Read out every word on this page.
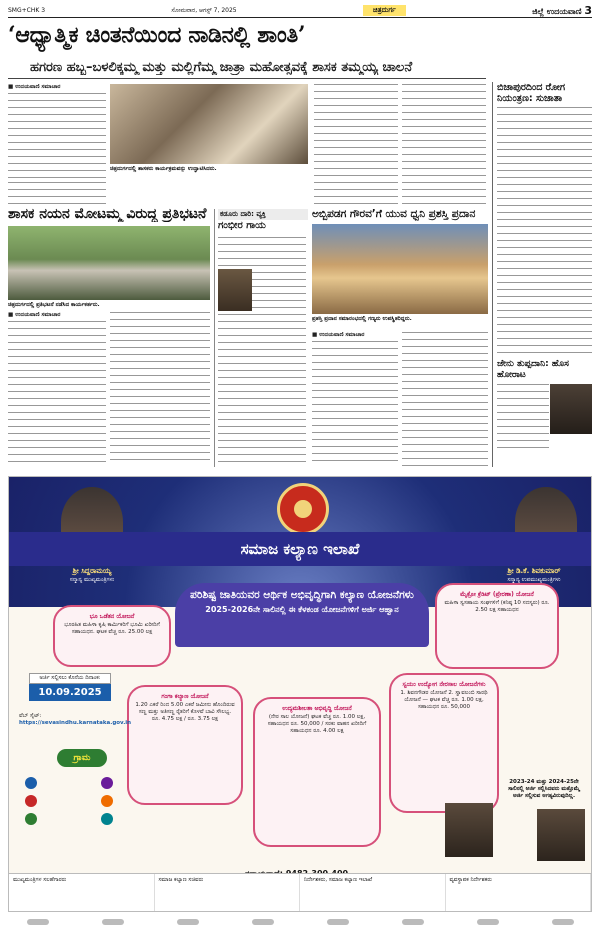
SMG+CHK 3	ಸೋಮವಾರ, ಆಗಸ್ಟ್ 7, 2025	ಚಿತ್ರದುರ್ಗ	ಜಿಲ್ಲೆ ಉದಯವಾಣಿ 3
‘ಆಧ್ಯಾತ್ಮಿಕ ಚಿಂತನೆಯಿಂದ ನಾಡಿನಲ್ಲಿ ಶಾಂತಿ’
ಹಗರಣ ಹಬ್ಬ–ಬಳಲಿಕ್ಕಮ್ಮ ಮತ್ತು ಮಲ್ಲಿಗೆಮ್ಮ ಜಾತ್ರಾ ಮಹೋತ್ಸವಕ್ಕೆ ಶಾಸಕ ತಮ್ಮಯ್ಯ ಚಾಲನೆ
■ ಉದಯವಾಣಿ ಸಮಾಚಾರ
ಚಿತ್ರದುರ್ಗದಲ್ಲಿ ಶಾಸಕರು ಕಾರ್ಯಕ್ರಮವನ್ನು ಉದ್ಘಾಟಿಸಿದರು.
ಬಿಜಾಪುರದಿಂದ ರೋಗ ನಿಯಂತ್ರಣ: ಸುಜಾತಾ
ಜೇನು ತುಪ್ಪದಾನಿ: ಹೊಸ ಹೋರಾಟ
ಶಾಸಕ ನಯನ ಮೋಟಮ್ಮ ವಿರುದ್ಧ ಪ್ರತಿಭಟನೆ
ಚಿತ್ರದುರ್ಗದಲ್ಲಿ ಪ್ರತಿಭಟನೆ ನಡೆಸಿದ ಕಾರ್ಯಕರ್ತರು.
■ ಉದಯವಾಣಿ ಸಮಾಚಾರ
ಕಡೂರು ದಾರಿ: ವ್ಯಕ್ತಿ
ಗಂಭೀರ ಗಾಯ
ಅಬ್ಬಿಪಡಗ ಗೌರವ’ಗೆ ಯುವ ಧ್ವನಿ ಪ್ರಶಸ್ತಿ ಪ್ರದಾನ
ಪ್ರಶಸ್ತಿ ಪ್ರದಾನ ಸಮಾರಂಭದಲ್ಲಿ ಗಣ್ಯರು ಉಪಸ್ಥಿತರಿದ್ದರು.
■ ಉದಯವಾಣಿ ಸಮಾಚಾರ
ಸಮಾಜ ಕಲ್ಯಾಣ ಇಲಾಖೆ
ಶ್ರೀ ಸಿದ್ದರಾಮಯ್ಯ
ಸನ್ಮಾನ್ಯ ಮುಖ್ಯಮಂತ್ರಿಗಳು
ಶ್ರೀ ಡಿ.ಕೆ. ಶಿವಕುಮಾರ್
ಸನ್ಮಾನ್ಯ ಉಪಮುಖ್ಯಮಂತ್ರಿಗಳು
ಪರಿಶಿಷ್ಟ ಜಾತಿಯವರ ಆರ್ಥಿಕ ಅಭಿವೃದ್ಧಿಗಾಗಿ ಕಲ್ಯಾಣ ಯೋಜನೆಗಳು
2025-2026ನೇ ಸಾಲಿನಲ್ಲಿ ಈ ಕೆಳಕಂಡ ಯೋಜನೆಗಳಿಗೆ ಅರ್ಜಿ ಆಹ್ವಾನ
ಭೂ ಒಡೆತನ ಯೋಜನೆ
ಭೂರಹಿತ ಮಹಿಳಾ ಕೃಷಿ ಕಾರ್ಮಿಕರಿಗೆ ಭೂಮಿ ಖರೀದಿಗೆ ಸಹಾಯಧನ. ಘಟಕ ವೆಚ್ಚ ರೂ. 25.00 ಲಕ್ಷ
ಗಂಗಾ ಕಲ್ಯಾಣ ಯೋಜನೆ
1.20 ಎಕರೆ ರಿಂದ 5.00 ಎಕರೆ ಜಮೀನು ಹೊಂದಿರುವ ಸಣ್ಣ ಮತ್ತು ಅತಿಸಣ್ಣ ರೈತರಿಗೆ ಕೊಳವೆ ಬಾವಿ ಸೌಲಭ್ಯ. ರೂ. 4.75 ಲಕ್ಷ / ರೂ. 3.75 ಲಕ್ಷ
ಉದ್ಯಮಶೀಲತಾ ಅಭಿವೃದ್ಧಿ ಯೋಜನೆ
(ನೇರ ಸಾಲ ಯೋಜನೆ) ಘಟಕ ವೆಚ್ಚ ರೂ. 1.00 ಲಕ್ಷ, ಸಹಾಯಧನ ರೂ. 50,000 / ಸರಕು ವಾಹನ ಖರೀದಿಗೆ ಸಹಾಯಧನ ರೂ. 4.00 ಲಕ್ಷ
ಸ್ವಯಂ ಉದ್ಯೋಗ ನೇರಸಾಲ ಯೋಜನೆಗಳು
1. ಶಿವನಗೌಡರ ಯೋಜನೆ 2. ಸ್ವಾವಲಂಬಿ ಸಾರಥಿ ಯೋಜನೆ — ಘಟಕ ವೆಚ್ಚ ರೂ. 1.00 ಲಕ್ಷ, ಸಹಾಯಧನ ರೂ. 50,000
ಮೈಕ್ರೋ ಕ್ರೆಡಿಟ್ (ಪ್ರೇರಣಾ) ಯೋಜನೆ
ಮಹಿಳಾ ಸ್ವಸಹಾಯ ಸಂಘಗಳಿಗೆ (ಕನಿಷ್ಠ 10 ಸದಸ್ಯರು) ರೂ. 2.50 ಲಕ್ಷ ಸಹಾಯಧನ
ಅರ್ಜಿ ಸಲ್ಲಿಸಲು ಕೊನೆಯ ದಿನಾಂಕ:
10.09.2025
ವೆಬ್ ಸೈಟ್: https://sevasindhu.karnataka.gov.in
ಗ್ರಾಮ
2023-24 ಮತ್ತು 2024-25ನೇ ಸಾಲಿನಲ್ಲಿ ಅರ್ಜಿ ಸಲ್ಲಿಸಿದವರು ಮತ್ತೊಮ್ಮೆ ಅರ್ಜಿ ಸಲ್ಲಿಸುವ ಅಗತ್ಯವಿರುವುದಿಲ್ಲ.
ಮುಖ್ಯಮಂತ್ರಿಗಳ ಸಲಹೆಗಾರರು	ಸಮಾಜ ಕಲ್ಯಾಣ ಸಚಿವರು	ನಿರ್ದೇಶಕರು, ಸಮಾಜ ಕಲ್ಯಾಣ ಇಲಾಖೆ	ವ್ಯವಸ್ಥಾಪಕ ನಿರ್ದೇಶಕರು
